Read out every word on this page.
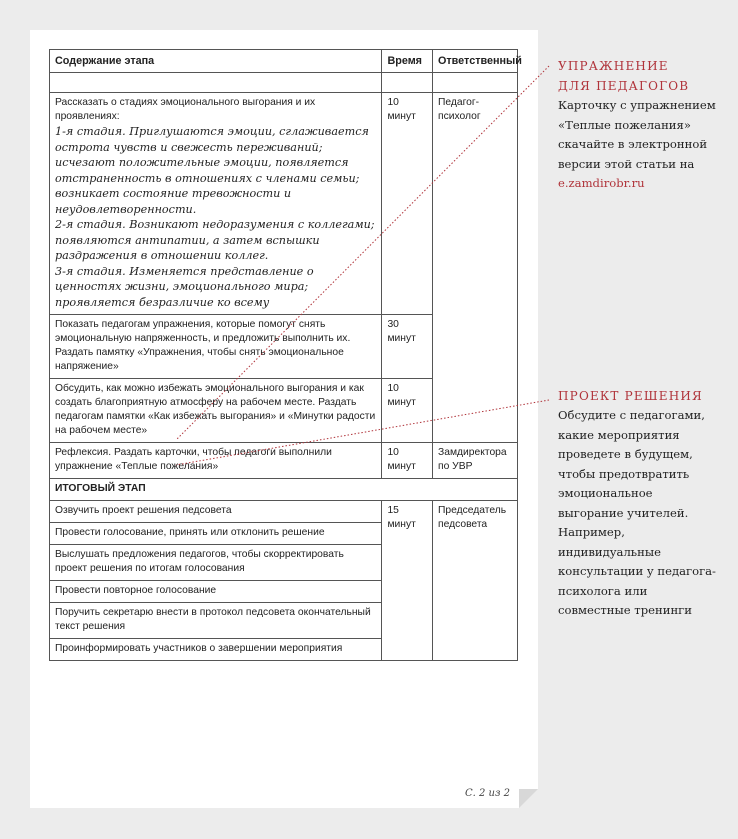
Содержание этапа	Время	Ответственный

Рассказать о стадиях эмоционального выгорания и их проявлениях:
1-я стадия. Приглушаются эмоции, сглаживается острота чувств и свежесть переживаний; исчезают положительные эмоции, появляется отстраненность в отношениях с членами семьи; возникает состояние тревожности и неудовлетворенности.
2-я стадия. Возникают недоразумения с коллегами; появляются антипатии, а затем вспышки раздражения в отношении коллег.
3-я стадия. Изменяется представление о ценностях жизни, эмоционального мира; проявляется безразличие ко всему	10 минут	Педагог-психолог
Показать педагогам упражнения, которые помогут снять эмоциональную напряженность, и предложить выполнить их. Раздать памятку «Упражнения, чтобы снять эмоциональное напряжение»	30 минут	
Обсудить, как можно избежать эмоционального выгорания и как создать благоприятную атмосферу на рабочем месте. Раздать педагогам памятки «Как избежать выгорания» и «Минутки радости на рабочем месте»	10 минут	
Рефлексия. Раздать карточки, чтобы педагоги выполнили упражнение «Теплые пожелания»	10 минут	Замдиректора по УВР
ИТОГОВЫЙ ЭТАП		
Озвучить проект решения педсовета	15 минут	Председатель педсовета
Провести голосование, принять или отклонить решение		
Выслушать предложения педагогов, чтобы скорректировать проект решения по итогам голосования		
Провести повторное голосование		
Поручить секретарю внести в протокол педсовета окончательный текст решения		
Проинформировать участников о завершении мероприятия		
С. 2 из 2
УПРАЖНЕНИЕ
ДЛЯ ПЕДАГОГОВ
Карточку с упражнением «Теплые пожелания» скачайте в электронной версии этой статьи на e.zamdirobr.ru
ПРОЕКТ РЕШЕНИЯ
Обсудите с педагогами, какие мероприятия проведете в будущем, чтобы предотвратить эмоциональное выгорание учителей. Например, индивидуальные консультации у педагога-психолога или совместные тренинги
